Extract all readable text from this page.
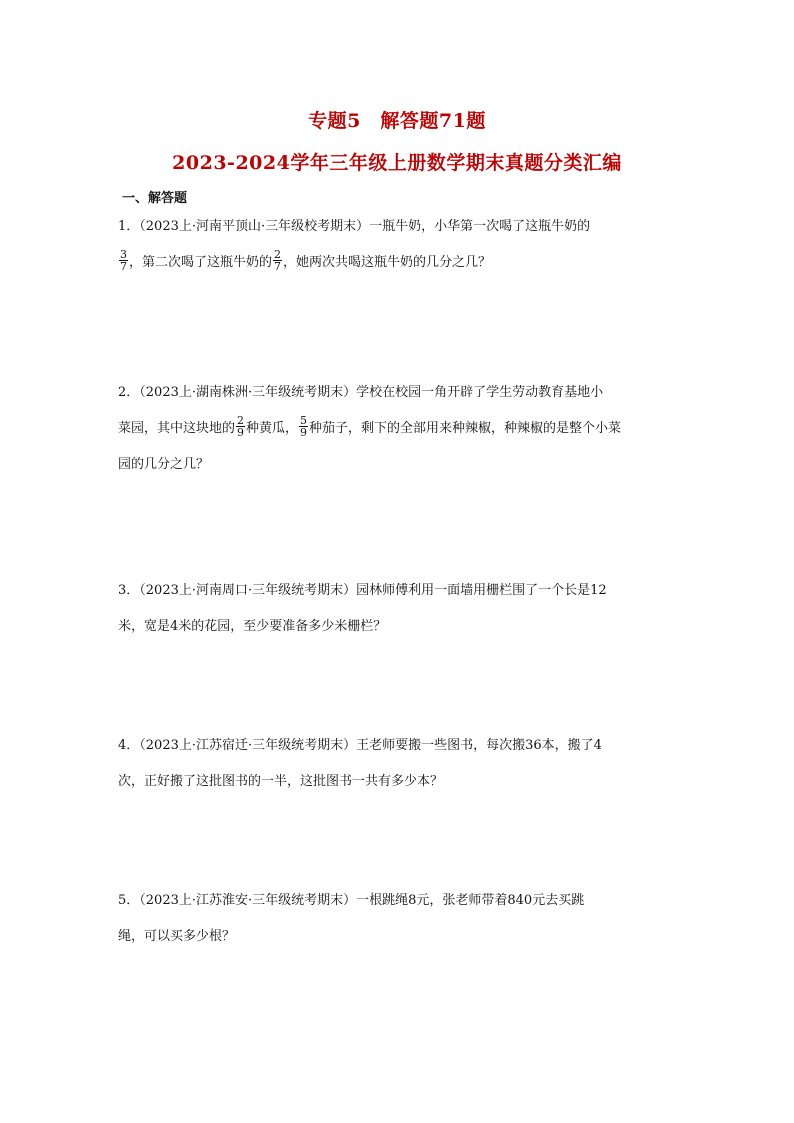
专题5　解答题71题
2023-2024学年三年级上册数学期末真题分类汇编
一、解答题
1．（2023上·河南平顶山·三年级校考期末）一瓶牛奶，小华第一次喝了这瓶牛奶的
$\frac{3}{7}$ ，第二次喝了这瓶牛奶的 $\frac{2}{7}$ ，她两次共喝这瓶牛奶的几分之几？
2．（2023上·湖南株洲·三年级统考期末）学校在校园一角开辟了学生劳动教育基地小
菜园，其中这块地的 $\frac{2}{9}$ 种黄瓜， $\frac{5}{9}$ 种茄子，剩下的全部用来种辣椒，种辣椒的是整个小菜
园的几分之几？
3．（2023上·河南周口·三年级统考期末）园林师傅利用一面墙用栅栏围了一个长是12
米，宽是4米的花园，至少要准备多少米栅栏？
4．（2023上·江苏宿迁·三年级统考期末）王老师要搬一些图书，每次搬36本，搬了4
次，正好搬了这批图书的一半，这批图书一共有多少本？
5．（2023上·江苏淮安·三年级统考期末）一根跳绳8元，张老师带着840元去买跳
绳，可以买多少根？
